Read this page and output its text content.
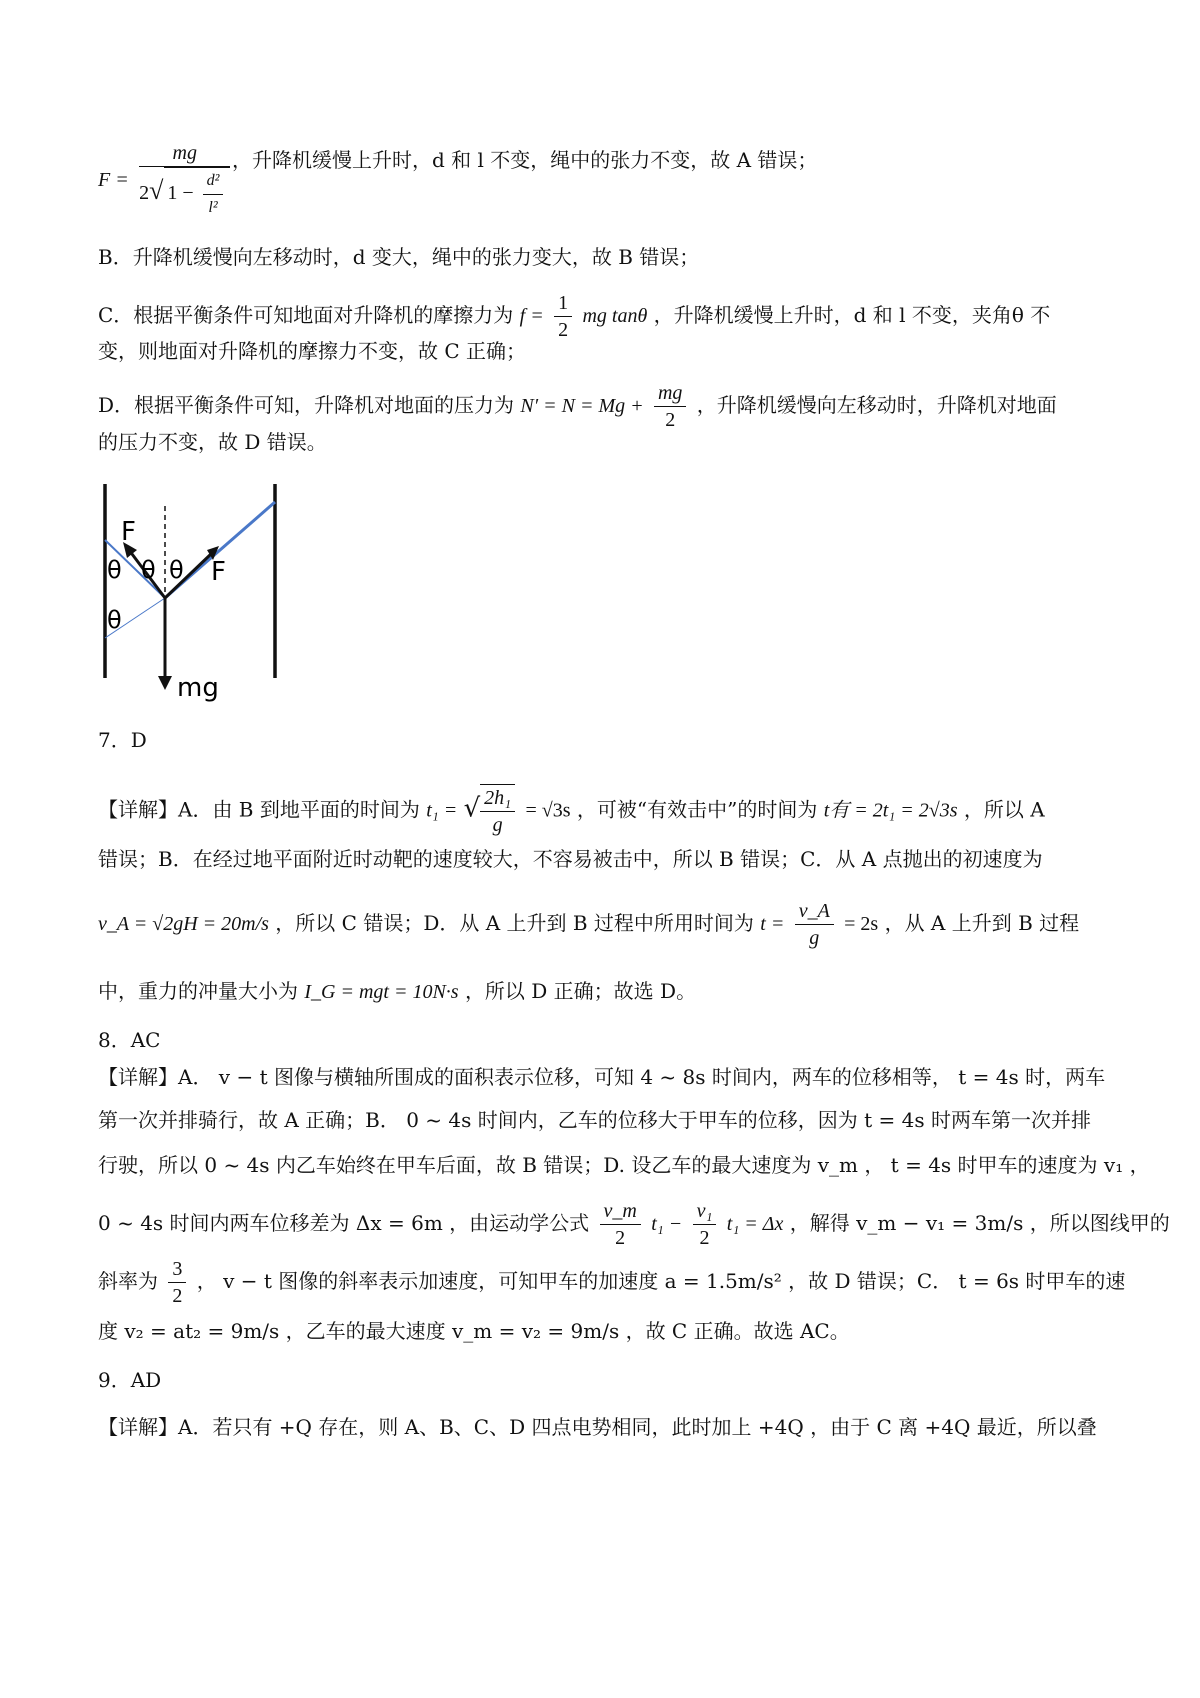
$F = \frac{mg}{2√ 1 - \frac{\text{d²}}{\text{l²}}}$ ，升降机缓慢上升时，d 和 l 不变，绳中的张力不变，故 A 错误；
B．升降机缓慢向左移动时，d 变大，绳中的张力变大，故 B 错误；
C．根据平衡条件可知地面对升降机的摩擦力为 $f = \frac{1}{2}$ mg tanθ ，升降机缓慢上升时，d 和 l 不变，夹角θ 不
变，则地面对升降机的摩擦力不变，故 C 正确；
D．根据平衡条件可知，升降机对地面的压力为 $N' = N = Mg + \frac{mg}{2}$ ，升降机缓慢向左移动时，升降机对地面
的压力不变，故 D 错误。
F
F
θ θ θ
θ
mg
7．D
【详解】A．由 B 到地平面的时间为 t₁ = √ $\frac{\text{2h₁}}{g} = √3s$ ，可被“有效击中”的时间为 t有 = 2t₁ = 2√3s ，所以 A
错误；B．在经过地平面附近时动靶的速度较大，不容易被击中，所以 B 错误；C．从 A 点抛出的初速度为
v_A = √2gH = 20m/s ，所以 C 错误；D．从 A 上升到 B 过程中所用时间为 $t = \frac{v\_A}{g} = 2s$ ，从 A 上升到 B 过程
中，重力的冲量大小为 I_G = mgt = 10N·s ，所以 D 正确；故选 D。
8．AC
【详解】A． v − t 图像与横轴所围成的面积表示位移，可知 4 ~ 8s 时间内，两车的位移相等， t = 4s 时，两车
第一次并排骑行，故 A 正确；B． 0 ~ 4s 时间内，乙车的位移大于甲车的位移，因为 t = 4s 时两车第一次并排
行驶，所以 0 ~ 4s 内乙车始终在甲车后面，故 B 错误；D. 设乙车的最大速度为 v_m ， t = 4s 时甲车的速度为 v₁ ，
0 ~ 4s 时间内两车位移差为 Δx = 6m ，由运动学公式 $\frac{v\_m}{2} t_1 - \frac{\text{v₁}}{2} t_1 = \Delta x$ ，解得 v_m − v₁ = 3m/s ，所以图线甲的
斜率为 $\frac{3}{2}$ ， v − t 图像的斜率表示加速度，可知甲车的加速度 a = 1.5m/s² ，故 D 错误；C． t = 6s 时甲车的速
度 v₂ = at₂ = 9m/s ，乙车的最大速度 v_m = v₂ = 9m/s ，故 C 正确。故选 AC。
9．AD
【详解】A．若只有 +Q 存在，则 A、B、C、D 四点电势相同，此时加上 +4Q ，由于 C 离 +4Q 最近，所以叠
